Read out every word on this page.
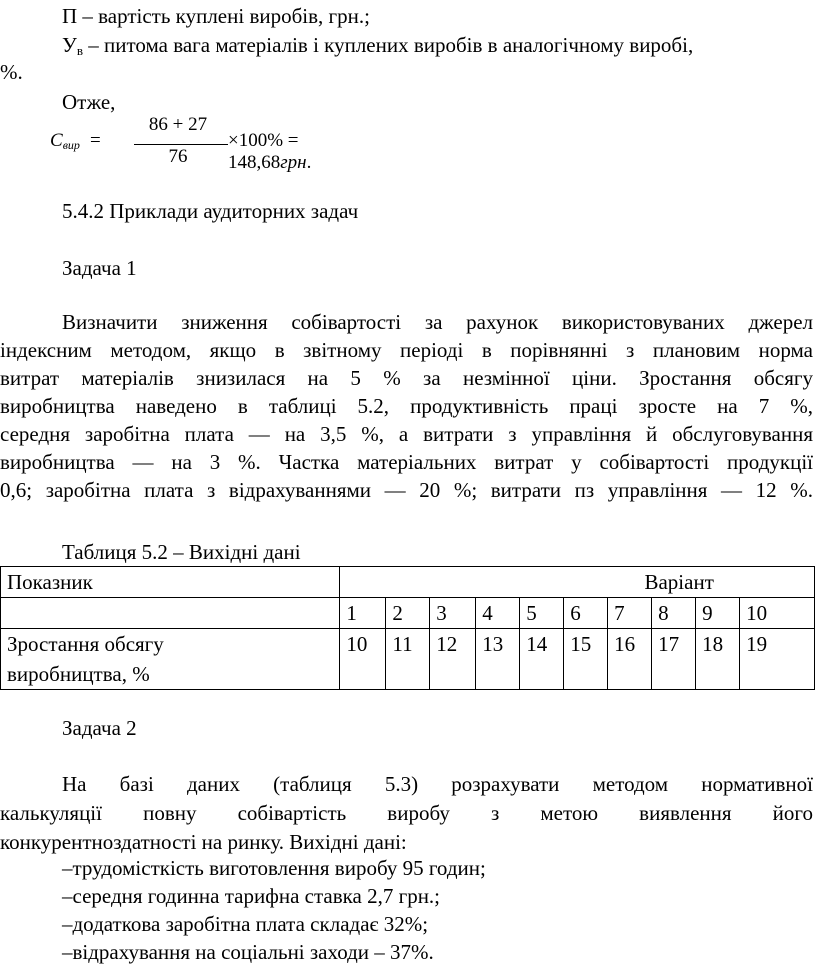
П – вартість куплені виробів, грн.;
$У_в$ – питома вага матеріалів і куплених виробів в аналогічному виробі,
%.
Отже,
$С_{вир}$ =
86 + 27
76
×100% = 148,68грн.
5.4.2 Приклади аудиторних задач
Задача 1
Визначити зниження собівартості за рахунок використовуваних джерел
індексним методом, якщо в звітному періоді в порівнянні з плановим норма
витрат матеріалів знизилася на 5 % за незмінної ціни. Зростання обсягу
виробництва наведено в таблиці 5.2, продуктивність праці зросте на 7 %,
середня заробітна плата — на 3,5 %, а витрати з управління й обслуговування
виробництва — на 3 %. Частка матеріальних витрат у собівартості продукції
0,6; заробітна плата з відрахуваннями — 20 %; витрати пз управління — 12 %.
Таблиця 5.2 – Вихідні дані
Показник	Варіант									
	1	2	3	4	5	6	7	8	9	10
Зростання обсягу
виробництва, %	10	11	12	13	14	15	16	17	18	19
Задача 2
На базі даних (таблиця 5.3) розрахувати методом нормативної
калькуляції повну собівартість виробу з метою виявлення його
конкурентноздатності на ринку. Вихідні дані:
–трудомісткість виготовлення виробу 95 годин;
–середня годинна тарифна ставка 2,7 грн.;
–додаткова заробітна плата складає 32%;
–відрахування на соціальні заходи – 37%.
